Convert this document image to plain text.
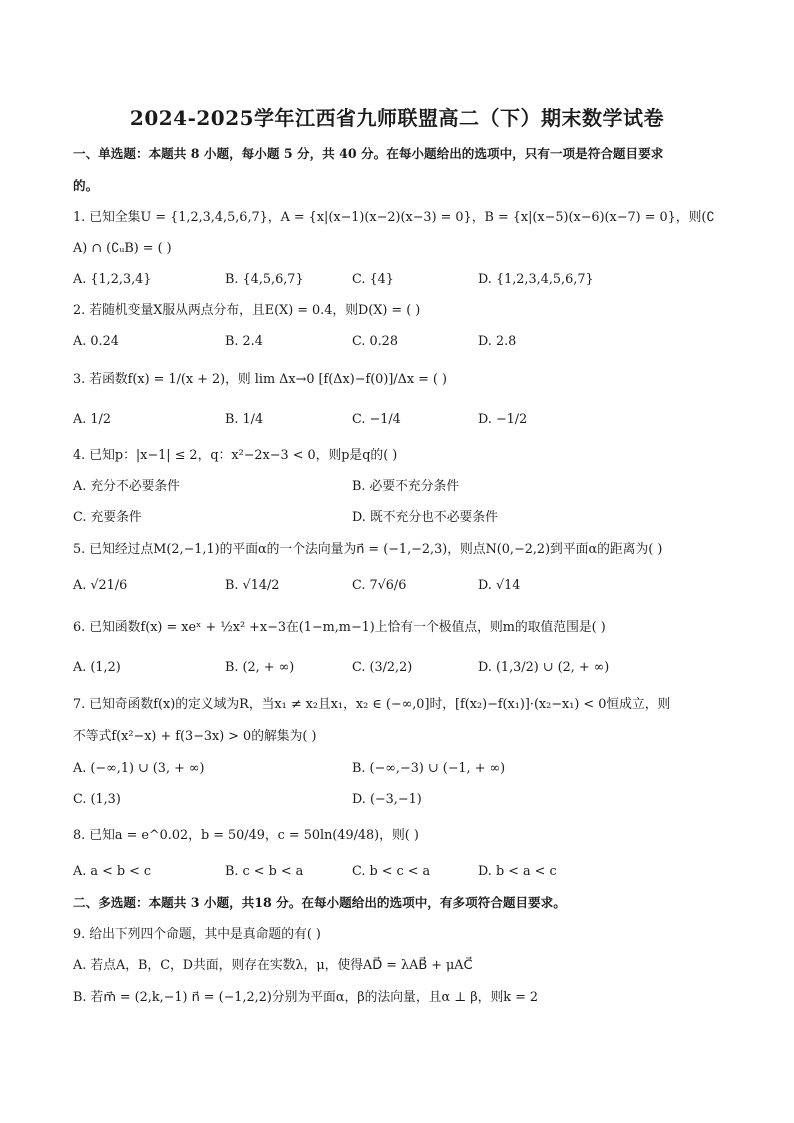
2024-2025学年江西省九师联盟高二（下）期末数学试卷
一、单选题：本题共 8 小题，每小题 5 分，共 40 分。在每小题给出的选项中，只有一项是符合题目要求
的。
1. 已知全集U = {1,2,3,4,5,6,7}，A = {x|(x−1)(x−2)(x−3) = 0}，B = {x|(x−5)(x−6)(x−7) = 0}，则(∁
A) ∩ (∁ᵤB) = ( )
A. {1,2,3,4}	B. {4,5,6,7}	C. {4}	D. {1,2,3,4,5,6,7}
2. 若随机变量X服从两点分布，且E(X) = 0.4，则D(X) = ( )
A. 0.24	B. 2.4	C. 0.28	D. 2.8
3. 若函数f(x) = 1/(x + 2)，则 lim Δx→0 [f(Δx)−f(0)]/Δx = ( )
A. 1/2	B. 1/4	C. −1/4	D. −1/2
4. 已知p：|x−1| ≤ 2，q：x²−2x−3 < 0，则p是q的( )
A. 充分不必要条件	B. 必要不充分条件
C. 充要条件	D. 既不充分也不必要条件
5. 已知经过点M(2,−1,1)的平面α的一个法向量为n⃗ = (−1,−2,3)，则点N(0,−2,2)到平面α的距离为( )
A. √21/6	B. √14/2	C. 7√6/6	D. √14
6. 已知函数f(x) = xeˣ + ½x² +x−3在(1−m,m−1)上恰有一个极值点，则m的取值范围是( )
A. (1,2)	B. (2, + ∞)	C. (3/2,2)	D. (1,3/2) ∪ (2, + ∞)
7. 已知奇函数f(x)的定义域为R，当x₁ ≠ x₂且x₁，x₂ ∈ (−∞,0]时，[f(x₂)−f(x₁)]·(x₂−x₁) < 0恒成立，则
不等式f(x²−x) + f(3−3x) > 0的解集为( )
A. (−∞,1) ∪ (3, + ∞)	B. (−∞,−3) ∪ (−1, + ∞)
C. (1,3)	D. (−3,−1)
8. 已知a = e^0.02，b = 50/49，c = 50ln(49/48)，则( )
A. a < b < c	B. c < b < a	C. b < c < a	D. b < a < c
二、多选题：本题共 3 小题，共18 分。在每小题给出的选项中，有多项符合题目要求。
9. 给出下列四个命题，其中是真命题的有( )
A. 若点A，B，C，D共面，则存在实数λ，μ，使得AD⃗ = λAB⃗ + μAC⃗
B. 若m⃗ = (2,k,−1) n⃗ = (−1,2,2)分别为平面α，β的法向量，且α ⊥ β，则k = 2
